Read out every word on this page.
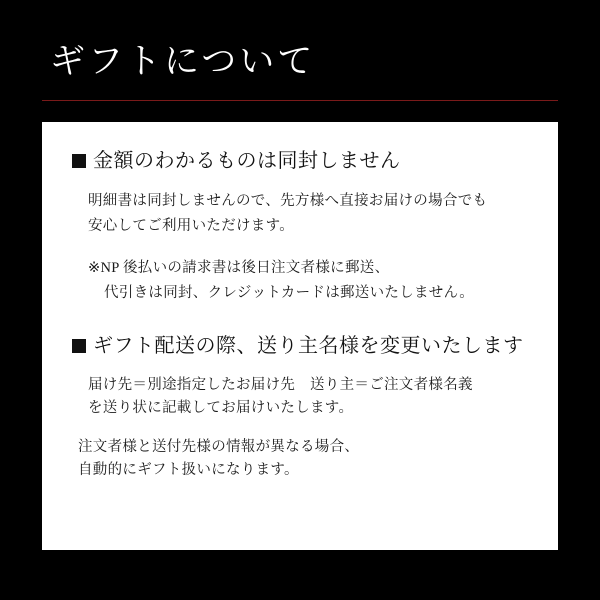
ギフトについて
金額のわかるものは同封しません
明細書は同封しませんので、先方様へ直接お届けの場合でも
安心してご利用いただけます。
※NP 後払いの請求書は後日注文者様に郵送、
代引きは同封、クレジットカードは郵送いたしません。
ギフト配送の際、送り主名様を変更いたします
届け先＝別途指定したお届け先　送り主＝ご注文者様名義
を送り状に記載してお届けいたします。
注文者様と送付先様の情報が異なる場合、
自動的にギフト扱いになります。
